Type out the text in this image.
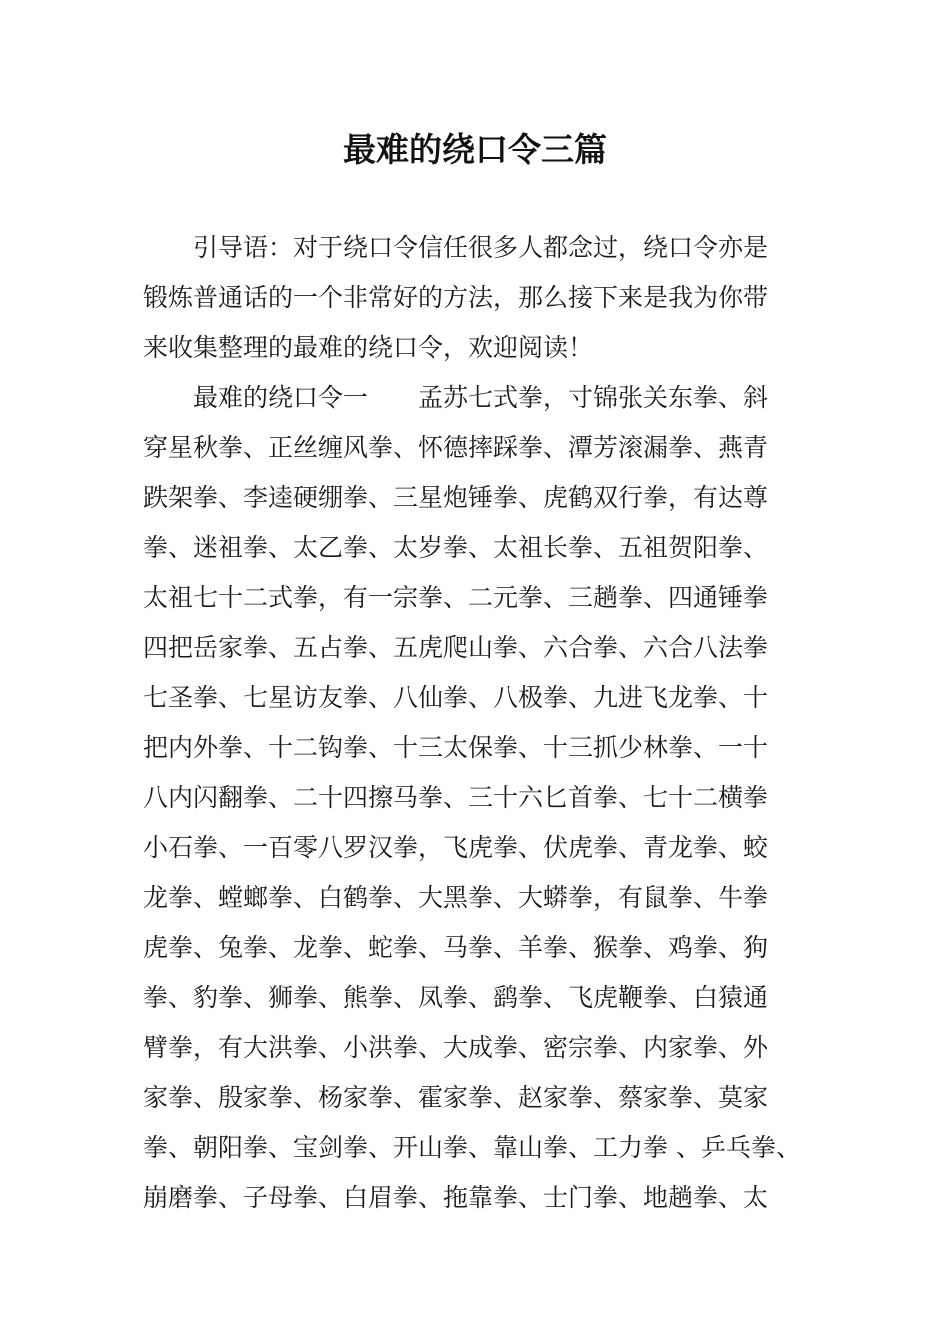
最难的绕口令三篇
　　引导语：对于绕口令信任很多人都念过，绕口令亦是
锻炼普通话的一个非常好的方法，那么接下来是我为你带
来收集整理的最难的绕口令，欢迎阅读！
　　最难的绕口令一　　孟苏七式拳，寸锦张关东拳、斜
穿星秋拳、正丝缠风拳、怀德摔踩拳、潭芳滚漏拳、燕青
跌架拳、李逵硬绷拳、三星炮锤拳、虎鹤双行拳，有达尊
拳、迷祖拳、太乙拳、太岁拳、太祖长拳、五祖贺阳拳、
太祖七十二式拳，有一宗拳、二元拳、三趟拳、四通锤拳
四把岳家拳、五占拳、五虎爬山拳、六合拳、六合八法拳
七圣拳、七星访友拳、八仙拳、八极拳、九进飞龙拳、十
把内外拳、十二钩拳、十三太保拳、十三抓少林拳、一十
八内闪翻拳、二十四擦马拳、三十六匕首拳、七十二横拳
小石拳、一百零八罗汉拳，飞虎拳、伏虎拳、青龙拳、蛟
龙拳、螳螂拳、白鹤拳、大黑拳、大蟒拳，有鼠拳、牛拳
虎拳、兔拳、龙拳、蛇拳、马拳、羊拳、猴拳、鸡拳、狗
拳、豹拳、狮拳、熊拳、凤拳、鹞拳、飞虎鞭拳、白猿通
臂拳，有大洪拳、小洪拳、大成拳、密宗拳、内家拳、外
家拳、殷家拳、杨家拳、霍家拳、赵家拳、蔡家拳、莫家
拳、朝阳拳、宝剑拳、开山拳、靠山拳、工力拳 、乒乓拳、
崩磨拳、子母拳、白眉拳、拖靠拳、士门拳、地趟拳、太
